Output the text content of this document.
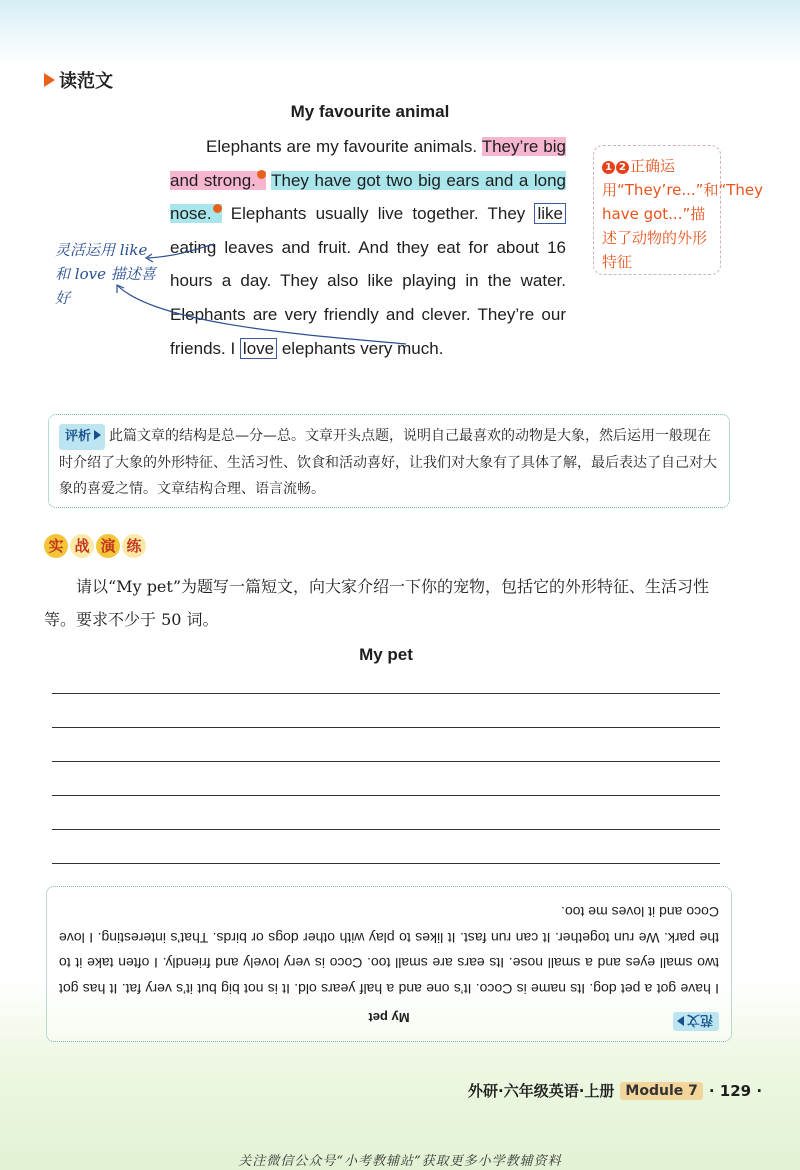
读范文
My favourite animal

Elephants are my favourite animals. They’re big and strong. They have got two big ears and a long nose. Elephants usually live together. They like eating leaves and fruit. And they eat for about 16 hours a day. They also like playing in the water. Elephants are very friendly and clever. They’re our friends. I love elephants very much.

灵活运用 like 和 love 描述喜好
1 2 正确运用“They’re...”和“They have got...”描述了动物的外形特征
评析 此篇文章的结构是总—分—总。文章开头点题，说明自己最喜欢的动物是大象，然后运用一般现在时介绍了大象的外形特征、生活习性、饮食和活动喜好，让我们对大象有了具体了解，最后表达了自己对大象的喜爱之情。文章结构合理、语言流畅。
实 战 演 练
请以“My pet”为题写一篇短文，向大家介绍一下你的宠物，包括它的外形特征、生活习性等。要求不少于 50 词。
My pet
范文
My pet

I have got a pet dog. Its name is Coco. It’s one and a half years old. It is not big but it’s very fat. It has got two small eyes and a small nose. Its ears are small too. Coco is very lovely and friendly. I often take it to the park. We run together. It can run fast. It likes to play with other dogs or birds. That’s interesting. I love Coco and it loves me too.

外研·六年级英语·上册 Module 7 · 129 ·
关注微信公众号“小考教辅站”获取更多小学教辅资料
